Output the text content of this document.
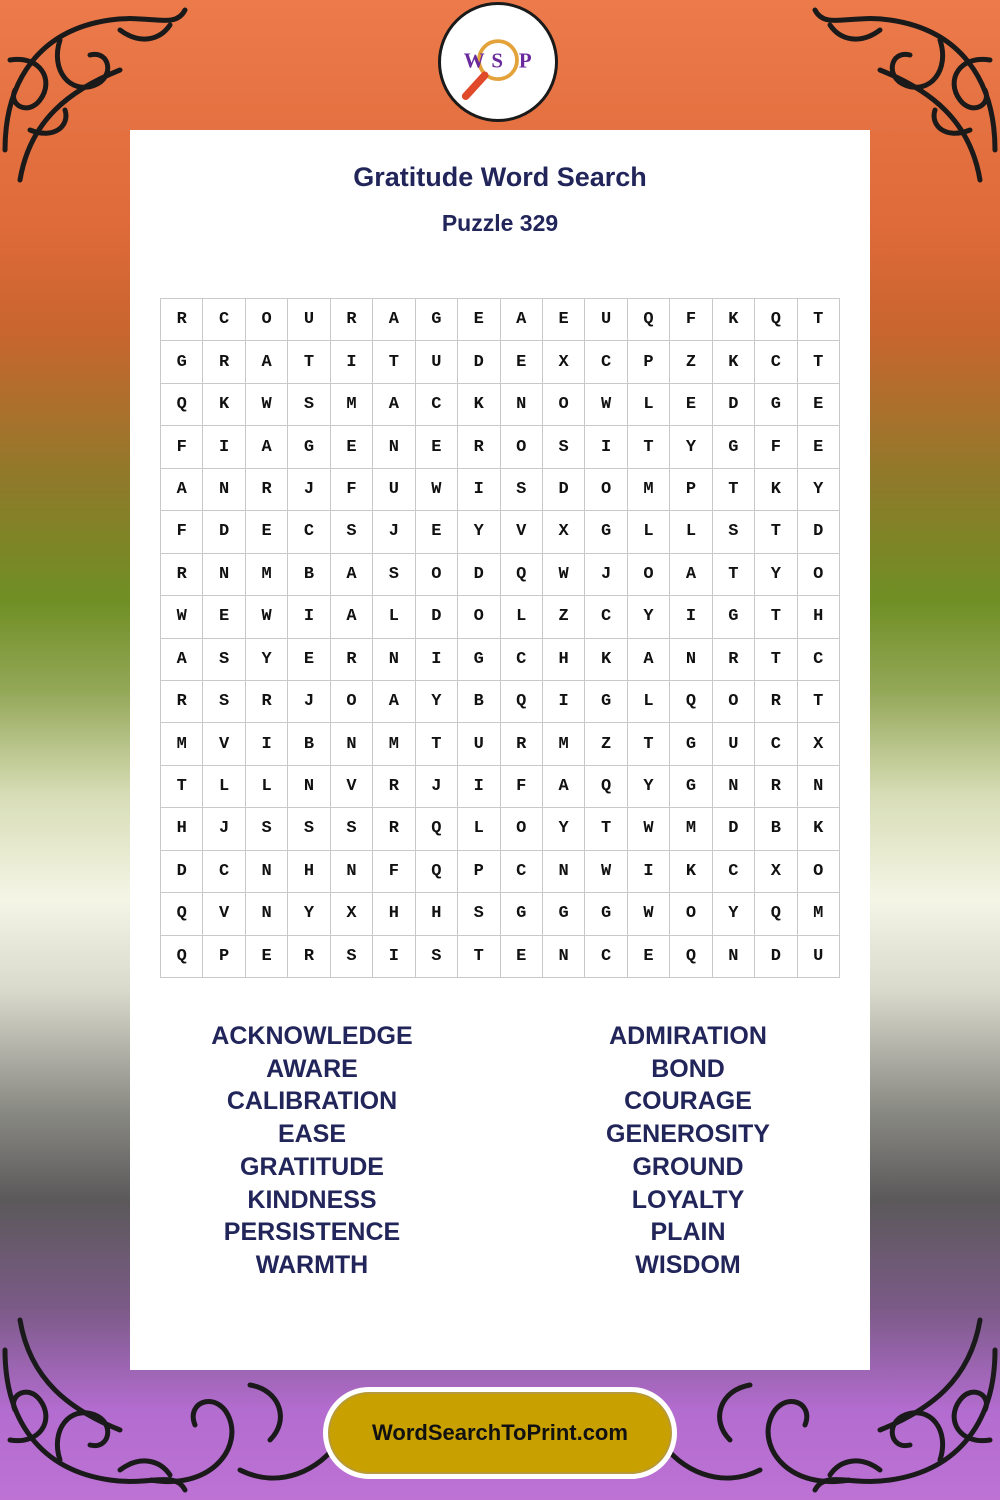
W S P
Gratitude Word Search
Puzzle 329
R	C	O	U	R	A	G	E	A	E	U	Q	F	K	Q	T
G	R	A	T	I	T	U	D	E	X	C	P	Z	K	C	T
Q	K	W	S	M	A	C	K	N	O	W	L	E	D	G	E
F	I	A	G	E	N	E	R	O	S	I	T	Y	G	F	E
A	N	R	J	F	U	W	I	S	D	O	M	P	T	K	Y
F	D	E	C	S	J	E	Y	V	X	G	L	L	S	T	D
R	N	M	B	A	S	O	D	Q	W	J	O	A	T	Y	O
W	E	W	I	A	L	D	O	L	Z	C	Y	I	G	T	H
A	S	Y	E	R	N	I	G	C	H	K	A	N	R	T	C
R	S	R	J	O	A	Y	B	Q	I	G	L	Q	O	R	T
M	V	I	B	N	M	T	U	R	M	Z	T	G	U	C	X
T	L	L	N	V	R	J	I	F	A	Q	Y	G	N	R	N
H	J	S	S	S	R	Q	L	O	Y	T	W	M	D	B	K
D	C	N	H	N	F	Q	P	C	N	W	I	K	C	X	O
Q	V	N	Y	X	H	H	S	G	G	G	W	O	Y	Q	M
Q	P	E	R	S	I	S	T	E	N	C	E	Q	N	D	U
ACKNOWLEDGE
AWARE
CALIBRATION
EASE
GRATITUDE
KINDNESS
PERSISTENCE
WARMTH
ADMIRATION
BOND
COURAGE
GENEROSITY
GROUND
LOYALTY
PLAIN
WISDOM
WordSearchToPrint.com
